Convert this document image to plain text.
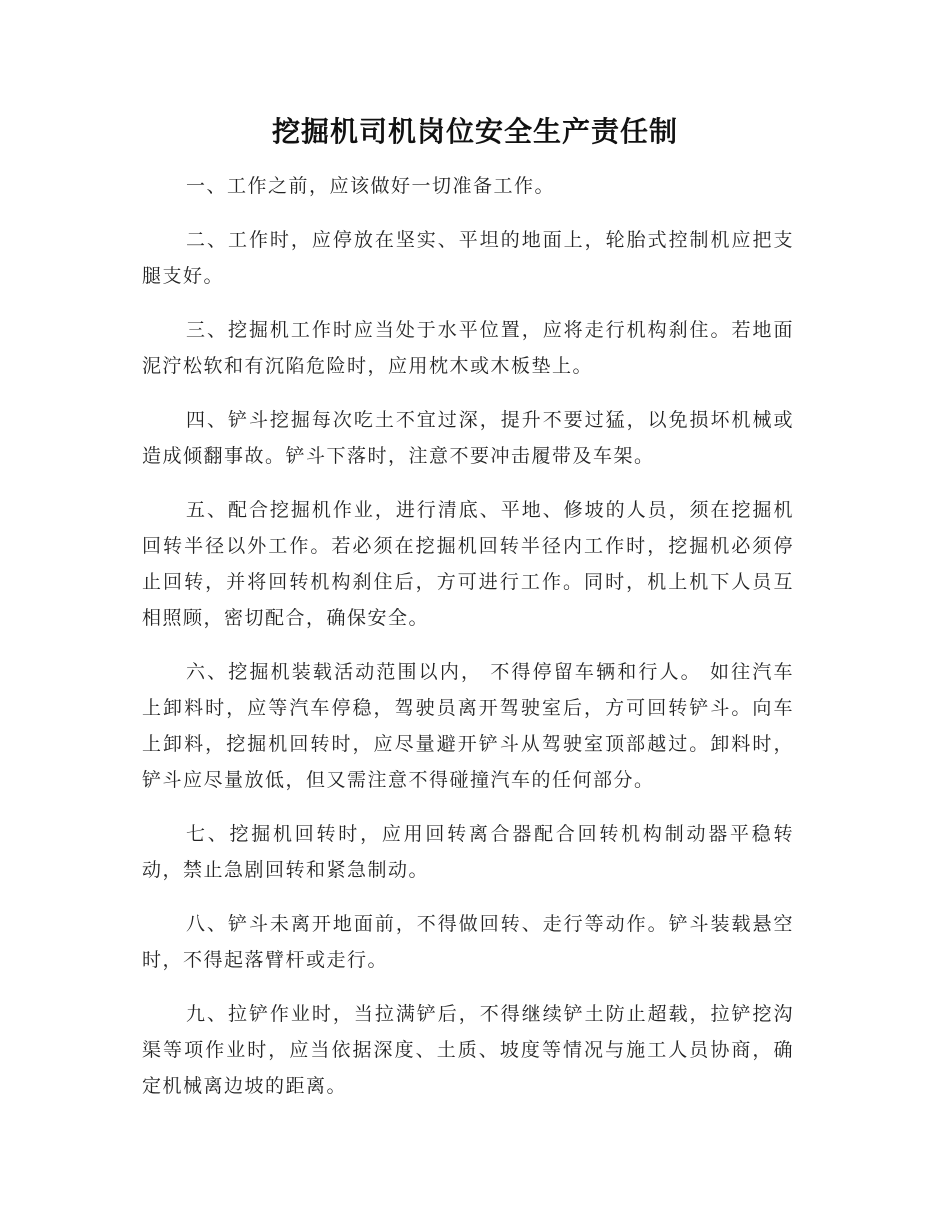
挖掘机司机岗位安全生产责任制

一、工作之前，应该做好一切准备工作。

二、工作时，应停放在坚实、平坦的地面上，轮胎式控制机应把支腿支好。

三、挖掘机工作时应当处于水平位置，应将走行机构刹住。若地面泥泞松软和有沉陷危险时，应用枕木或木板垫上。

四、铲斗挖掘每次吃土不宜过深，提升不要过猛，以免损坏机械或造成倾翻事故。铲斗下落时，注意不要冲击履带及车架。

五、配合挖掘机作业，进行清底、平地、修坡的人员，须在挖掘机回转半径以外工作。若必须在挖掘机回转半径内工作时，挖掘机必须停止回转，并将回转机构刹住后，方可进行工作。同时，机上机下人员互相照顾，密切配合，确保安全。

六、挖掘机装载活动范围以内， 不得停留车辆和行人。 如往汽车上卸料时，应等汽车停稳，驾驶员离开驾驶室后，方可回转铲斗。向车上卸料，挖掘机回转时，应尽量避开铲斗从驾驶室顶部越过。卸料时，铲斗应尽量放低，但又需注意不得碰撞汽车的任何部分。

七、挖掘机回转时，应用回转离合器配合回转机构制动器平稳转动，禁止急剧回转和紧急制动。

八、铲斗未离开地面前，不得做回转、走行等动作。铲斗装载悬空时，不得起落臂杆或走行。

九、拉铲作业时，当拉满铲后，不得继续铲土防止超载，拉铲挖沟渠等项作业时，应当依据深度、土质、坡度等情况与施工人员协商，确定机械离边坡的距离。
